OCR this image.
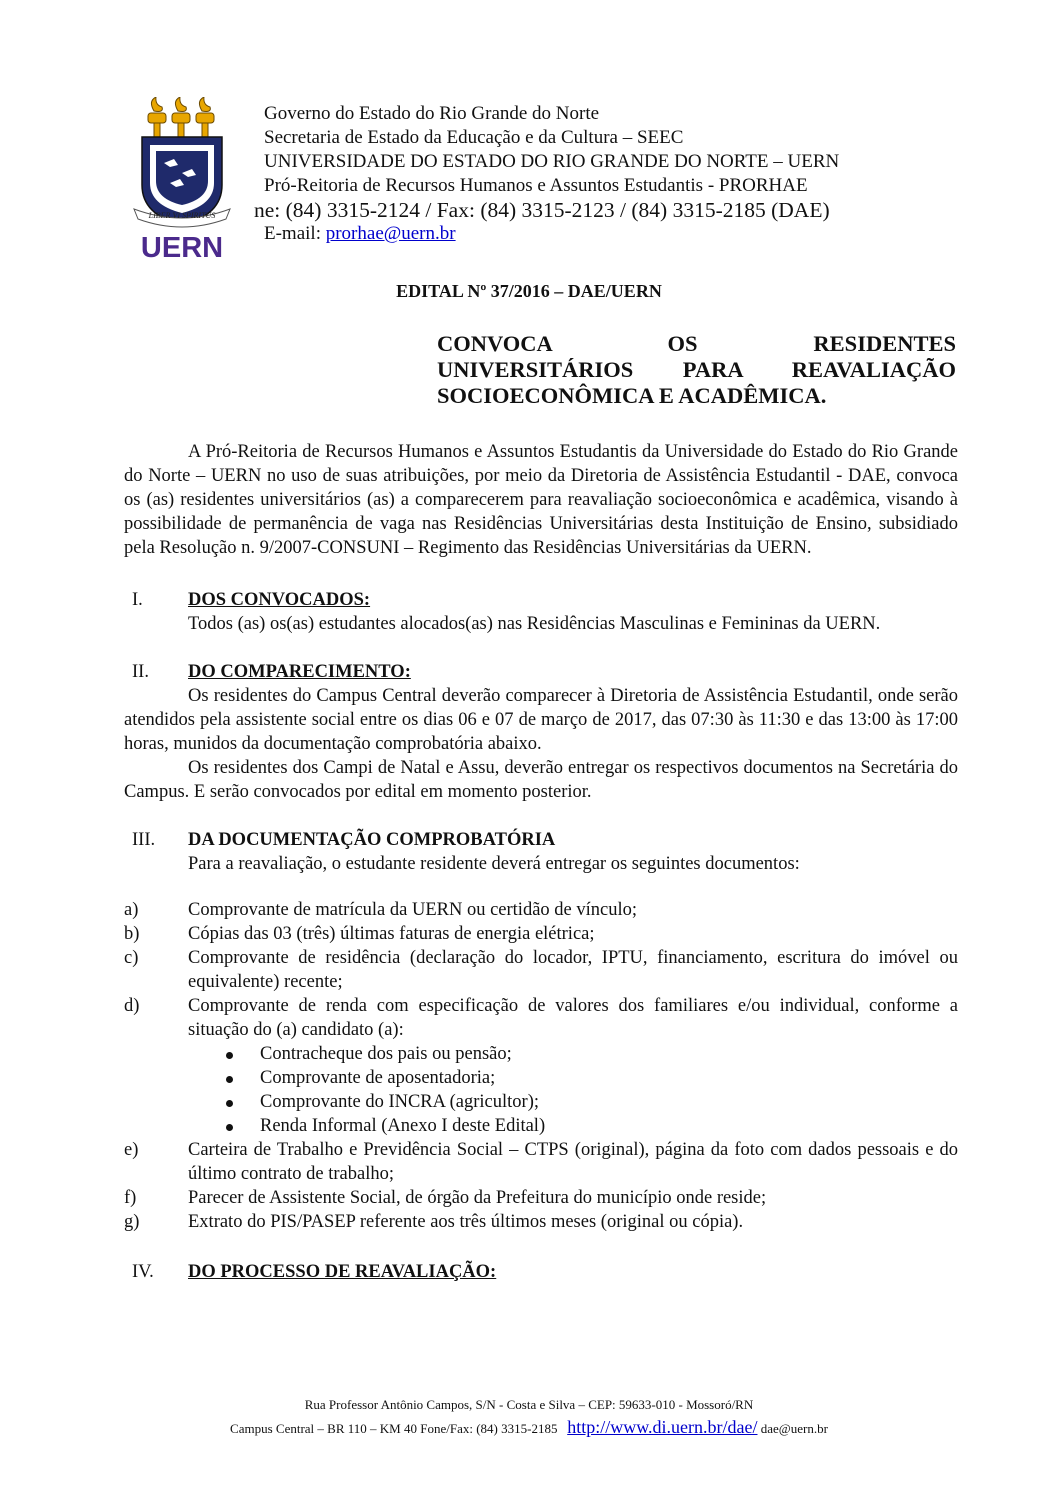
LIBER VI SPIRITUS
UERN
Governo do Estado do Rio Grande do Norte
Secretaria de Estado da Educação e da Cultura – SEEC
UNIVERSIDADE DO ESTADO DO RIO GRANDE DO NORTE – UERN
Pró-Reitoria de Recursos Humanos e Assuntos Estudantis - PRORHAE
ne: (84) 3315-2124 / Fax: (84) 3315-2123 / (84) 3315-2185 (DAE)
E-mail: prorhae@uern.br
EDITAL Nº 37/2016 – DAE/UERN
CONVOCA OS RESIDENTES
UNIVERSITÁRIOS PARA REAVALIAÇÃO
SOCIOECONÔMICA E ACADÊMICA.

A Pró-Reitoria de Recursos Humanos e Assuntos Estudantis da Universidade do Estado do Rio Grande do Norte – UERN no uso de suas atribuições, por meio da Diretoria de Assistência Estudantil - DAE, convoca os (as) residentes universitários (as) a comparecerem para reavaliação socioeconômica e acadêmica, visando à possibilidade de permanência de vaga nas Residências Universitárias desta Instituição de Ensino, subsidiado pela Resolução n. 9/2007-CONSUNI – Regimento das Residências Universitárias da UERN.

I.	DOS CONVOCADOS:

Todos (as) os(as) estudantes alocados(as) nas Residências Masculinas e Femininas da UERN.

II.	DO COMPARECIMENTO:

Os residentes do Campus Central deverão comparecer à Diretoria de Assistência Estudantil, onde serão atendidos pela assistente social entre os dias 06 e 07 de março de 2017, das 07:30 às 11:30 e das 13:00 às 17:00 horas, munidos da documentação comprobatória abaixo.

Os residentes dos Campi de Natal e Assu, deverão entregar os respectivos documentos na Secretária do Campus. E serão convocados por edital em momento posterior.

III.	DA DOCUMENTAÇÃO COMPROBATÓRIA

Para a reavaliação, o estudante residente deverá entregar os seguintes documentos:

a)	Comprovante de matrícula da UERN ou certidão de vínculo;
b)	Cópias das 03 (três) últimas faturas de energia elétrica;
c)	Comprovante de residência (declaração do locador, IPTU, financiamento, escritura do imóvel ou equivalente) recente;
d)	Comprovante de renda com especificação de valores dos familiares e/ou individual, conforme a situação do (a) candidato (a):
Contracheque dos pais ou pensão;
Comprovante de aposentadoria;
Comprovante do INCRA (agricultor);
Renda Informal (Anexo I deste Edital)
e)	Carteira de Trabalho e Previdência Social – CTPS (original), página da foto com dados pessoais e do último contrato de trabalho;
f)	Parecer de Assistente Social, de órgão da Prefeitura do município onde reside;
g)	Extrato do PIS/PASEP referente aos três últimos meses (original ou cópia).
IV.	DO PROCESSO DE REAVALIAÇÃO:
Rua Professor Antônio Campos, S/N - Costa e Silva – CEP: 59633-010 - Mossoró/RN
Campus Central – BR 110 – KM 40 Fone/Fax: (84) 3315-2185 http://www.di.uern.br/dae/ dae@uern.br
